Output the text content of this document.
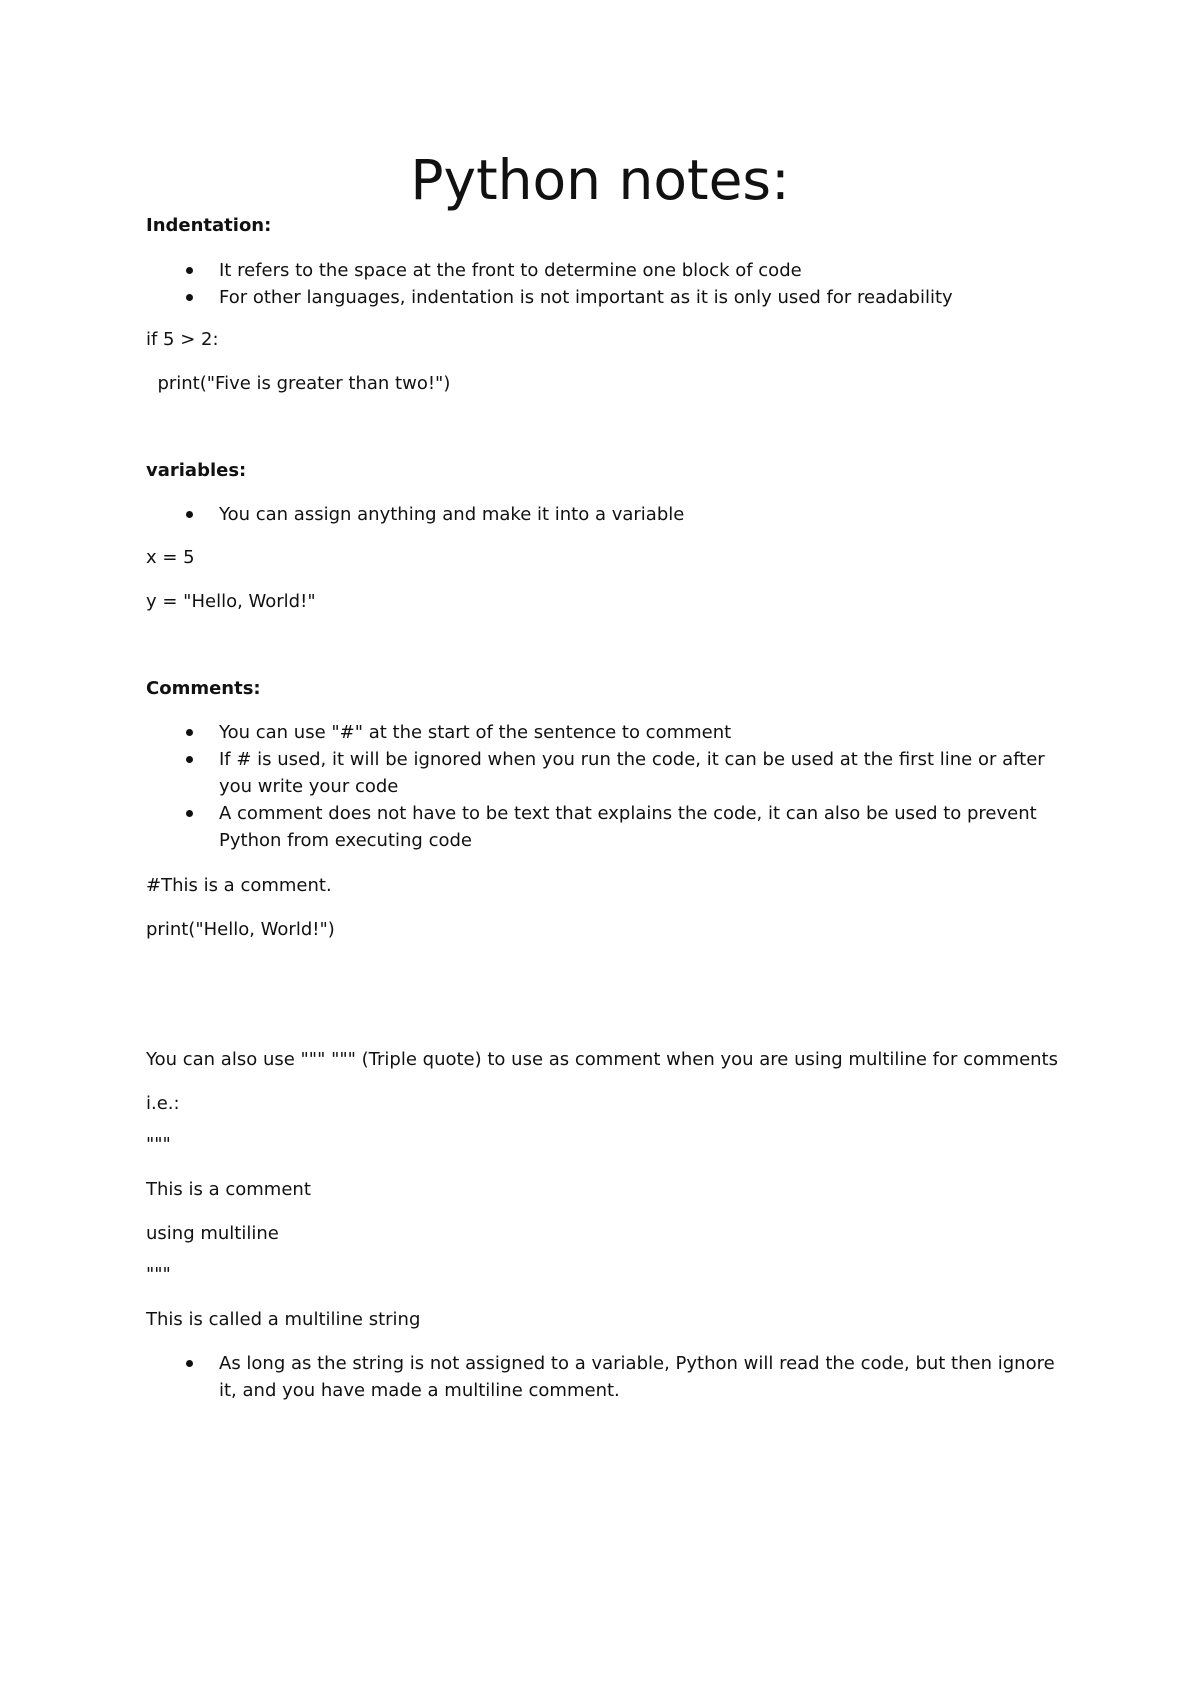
Python notes:

Indentation:

It refers to the space at the front to determine one block of code
For other languages, indentation is not important as it is only used for readability

if 5 > 2:

print("Five is greater than two!")

variables:

You can assign anything and make it into a variable

x = 5

y = "Hello, World!"

Comments:

You can use "#" at the start of the sentence to comment
If # is used, it will be ignored when you run the code, it can be used at the first line or after you write your code
A comment does not have to be text that explains the code, it can also be used to prevent Python from executing code

#This is a comment.

print("Hello, World!")

You can also use """ """ (Triple quote) to use as comment when you are using multiline for comments

i.e.:

"""

This is a comment

using multiline

"""

This is called a multiline string

As long as the string is not assigned to a variable, Python will read the code, but then ignore it, and you have made a multiline comment.
